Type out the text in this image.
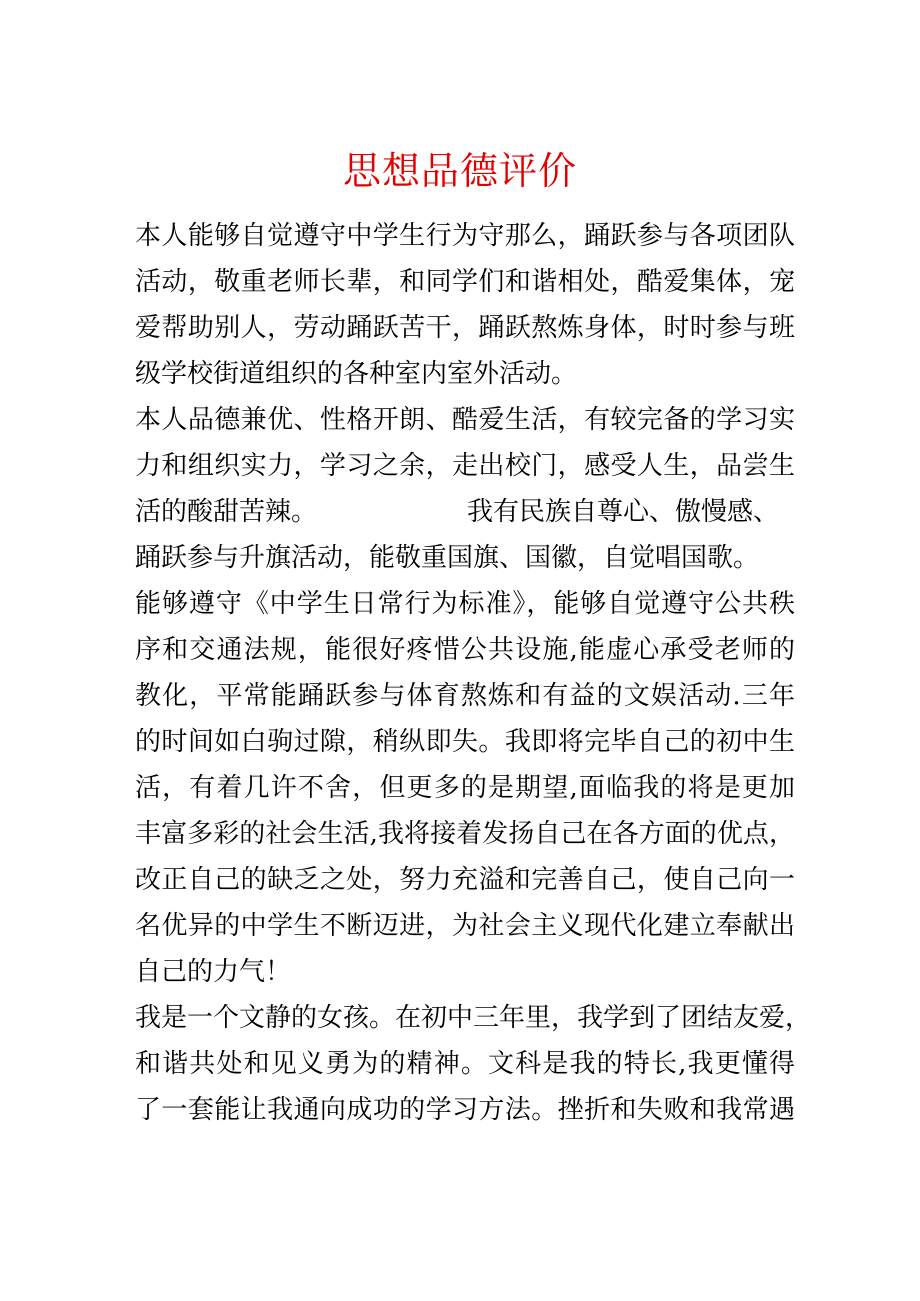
思想品德评价
本人能够自觉遵守中学生行为守那么，踊跃参与各项团队
活动，敬重老师长辈，和同学们和谐相处，酷爱集体，宠
爱帮助别人，劳动踊跃苦干，踊跃熬炼身体，时时参与班
级学校街道组织的各种室内室外活动。
本人品德兼优、性格开朗、酷爱生活，有较完备的学习实
力和组织实力，学习之余，走出校门，感受人生，品尝生
活的酸甜苦辣。	我有民族自尊心、傲慢感、
踊跃参与升旗活动，能敬重国旗、国徽，自觉唱国歌。
能够遵守《中学生日常行为标准》，能够自觉遵守公共秩
序和交通法规，能很好疼惜公共设施,能虚心承受老师的
教化，平常能踊跃参与体育熬炼和有益的文娱活动.三年
的时间如白驹过隙，稍纵即失。我即将完毕自己的初中生
活，有着几许不舍，但更多的是期望,面临我的将是更加
丰富多彩的社会生活,我将接着发扬自己在各方面的优点，
改正自己的缺乏之处，努力充溢和完善自己，使自己向一
名优异的中学生不断迈进，为社会主义现代化建立奉献出
自己的力气！
我是一个文静的女孩。在初中三年里，我学到了团结友爱，
和谐共处和见义勇为的精神。文科是我的特长,我更懂得
了一套能让我通向成功的学习方法。挫折和失败和我常遇
